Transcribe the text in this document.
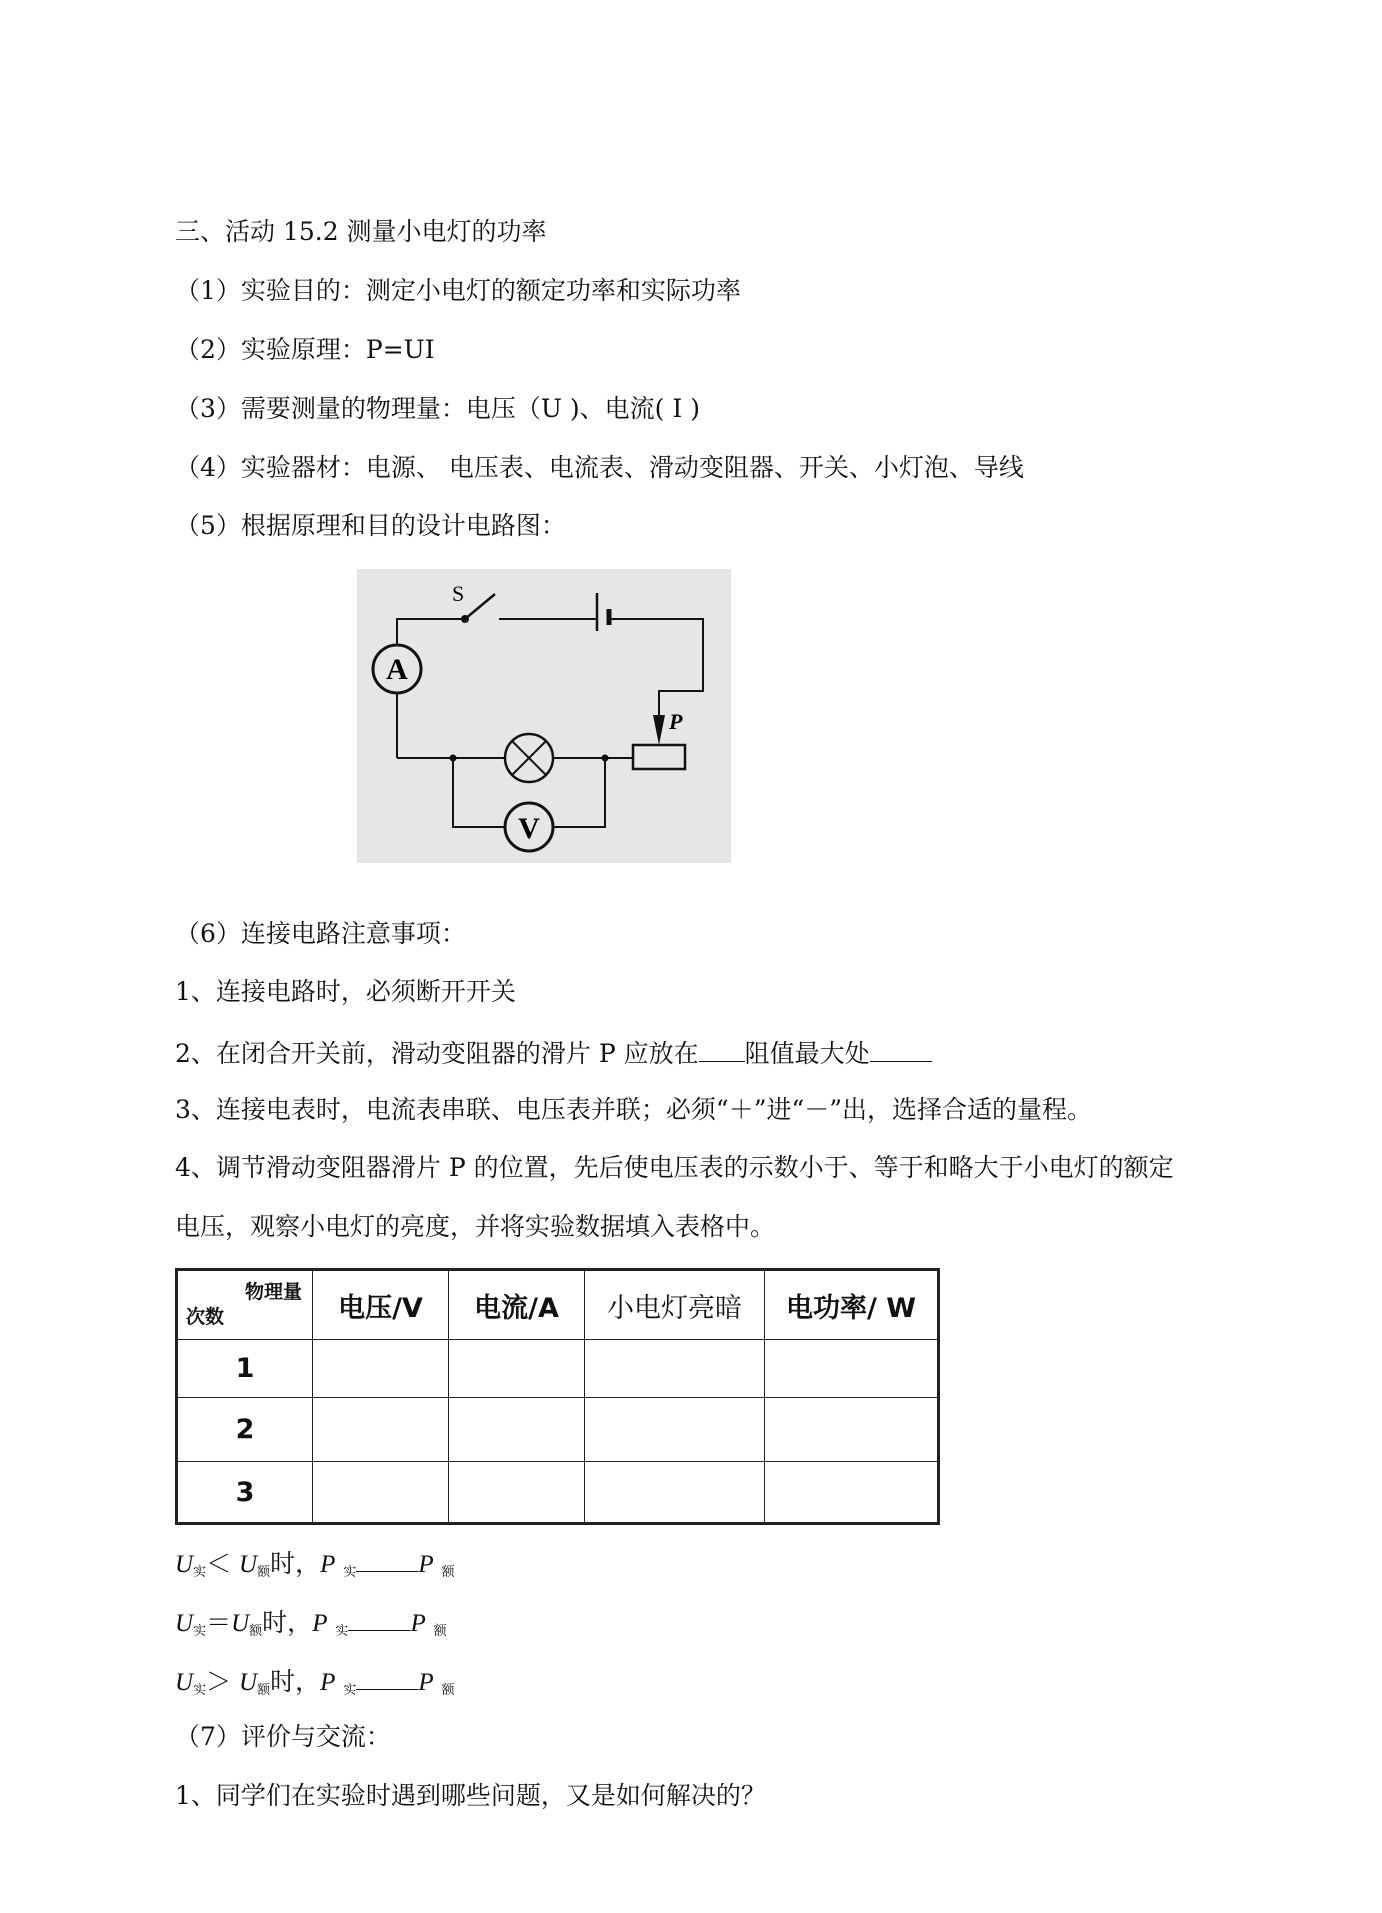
三、活动 15.2 测量小电灯的功率
（1）实验目的：测定小电灯的额定功率和实际功率
（2）实验原理：P=UI
（3）需要测量的物理量：电压（U )、电流( I )
（4）实验器材：电源、 电压表、电流表、滑动变阻器、开关、小灯泡、导线
（5）根据原理和目的设计电路图：
S
A
V
P
（6）连接电路注意事项：
1、连接电路时，必须断开开关
2、在闭合开关前，滑动变阻器的滑片 P 应放在 阻值最大处
3、连接电表时，电流表串联、电压表并联；必须“＋”进“－”出，选择合适的量程。
4、调节滑动变阻器滑片 P 的位置，先后使电压表的示数小于、等于和略大于小电灯的额定
电压，观察小电灯的亮度，并将实验数据填入表格中。
物理量
次数	电压/V	电流/A	小电灯亮暗	电功率/ W
1				
2				
3				
$U_实< U_额$时，P $_实$ P $_额$
$U_实=U_额$时，P $_实$ P $_额$
$U_实> U_额$时，P $_实$ P $_额$
（7）评价与交流：
1、同学们在实验时遇到哪些问题，又是如何解决的？
